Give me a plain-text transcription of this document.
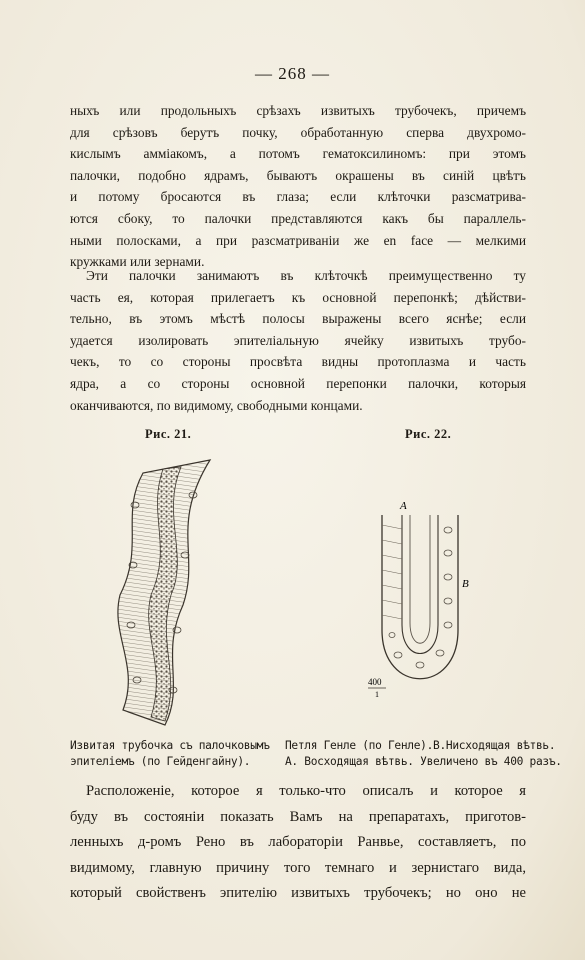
— 268 —
ныхъ или продольныхъ срѣзахъ извитыхъ трубочекъ, причемъ
для срѣзовъ берутъ почку, обработанную сперва двухромо-
кислымъ амміакомъ, а потомъ гематоксилиномъ: при этомъ
палочки, подобно ядрамъ, бываютъ окрашены въ синій цвѣтъ
и потому бросаются въ глаза; если клѣточки разсматрива-
ются сбоку, то палочки представляются какъ бы параллель-
ными полосками, а при разсматриваніи же en face — мелкими
кружками или зернами.
Эти палочки занимаютъ въ клѣточкѣ преимущественно ту
часть ея, которая прилегаетъ къ основной перепонкѣ; дѣйстви-
тельно, въ этомъ мѣстѣ полосы выражены всего яснѣе; если
удается изолировать эпителіальную ячейку извитыхъ трубо-
чекъ, то со стороны просвѣта видны протоплазма и часть
ядра, а со стороны основной перепонки палочки, которыя
оканчиваются, по видимому, свободными концами.
Рис. 21.	Рис. 22.
A
B
400
1
Извитая трубочка съ палочковымъ
эпителіемъ (по Гейденгайну).
Петля Генле (по Генле).В.Нисходящая вѣтвь.
А. Восходящая вѣтвь. Увеличено въ 400 разъ.
Расположеніе, которое я только-что описалъ и которое я
буду въ состояніи показать Вамъ на препаратахъ, приготов-
ленныхъ д-ромъ Рено въ лабораторіи Ранвье, составляетъ, по
видимому, главную причину того темнаго и зернистаго вида,
который свойственъ эпителію извитыхъ трубочекъ; но оно не
